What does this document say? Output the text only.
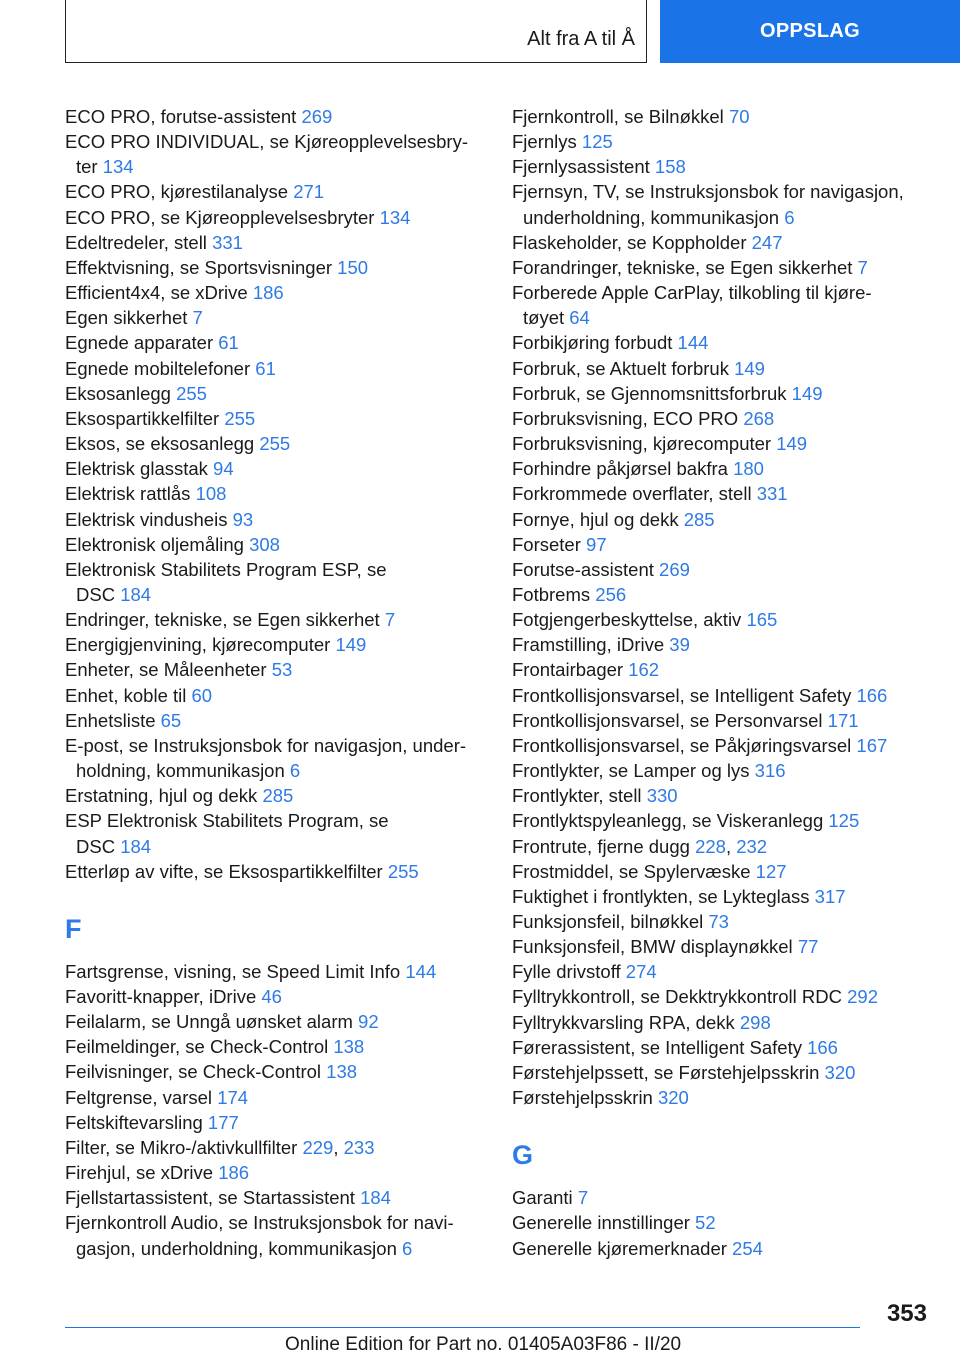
Alt fra A til Å	OPPSLAG
ECO PRO, forutse-assistent 269
ECO PRO INDIVIDUAL, se Kjøreopplevelsesbry-
ter 134
ECO PRO, kjørestilanalyse 271
ECO PRO, se Kjøreopplevelsesbryter 134
Edeltredeler, stell 331
Effektvisning, se Sportsvisninger 150
Efficient4x4, se xDrive 186
Egen sikkerhet 7
Egnede apparater 61
Egnede mobiltelefoner 61
Eksosanlegg 255
Eksospartikkelfilter 255
Eksos, se eksosanlegg 255
Elektrisk glasstak 94
Elektrisk rattlås 108
Elektrisk vindusheis 93
Elektronisk oljemåling 308
Elektronisk Stabilitets Program ESP, se
DSC 184
Endringer, tekniske, se Egen sikkerhet 7
Energigjenvining, kjørecomputer 149
Enheter, se Måleenheter 53
Enhet, koble til 60
Enhetsliste 65
E-post, se Instruksjonsbok for navigasjon, under-
holdning, kommunikasjon 6
Erstatning, hjul og dekk 285
ESP Elektronisk Stabilitets Program, se
DSC 184
Etterløp av vifte, se Eksospartikkelfilter 255
F
Fartsgrense, visning, se Speed Limit Info 144
Favoritt-knapper, iDrive 46
Feilalarm, se Unngå uønsket alarm 92
Feilmeldinger, se Check-Control 138
Feilvisninger, se Check-Control 138
Feltgrense, varsel 174
Feltskiftevarsling 177
Filter, se Mikro-/aktivkullfilter 229, 233
Firehjul, se xDrive 186
Fjellstartassistent, se Startassistent 184
Fjernkontroll Audio, se Instruksjonsbok for navi-
gasjon, underholdning, kommunikasjon 6
Fjernkontroll, se Bilnøkkel 70
Fjernlys 125
Fjernlysassistent 158
Fjernsyn, TV, se Instruksjonsbok for navigasjon,
underholdning, kommunikasjon 6
Flaskeholder, se Koppholder 247
Forandringer, tekniske, se Egen sikkerhet 7
Forberede Apple CarPlay, tilkobling til kjøre-
tøyet 64
Forbikjøring forbudt 144
Forbruk, se Aktuelt forbruk 149
Forbruk, se Gjennomsnittsforbruk 149
Forbruksvisning, ECO PRO 268
Forbruksvisning, kjørecomputer 149
Forhindre påkjørsel bakfra 180
Forkrommede overflater, stell 331
Fornye, hjul og dekk 285
Forseter 97
Forutse-assistent 269
Fotbrems 256
Fotgjengerbeskyttelse, aktiv 165
Framstilling, iDrive 39
Frontairbager 162
Frontkollisjonsvarsel, se Intelligent Safety 166
Frontkollisjonsvarsel, se Personvarsel 171
Frontkollisjonsvarsel, se Påkjøringsvarsel 167
Frontlykter, se Lamper og lys 316
Frontlykter, stell 330
Frontlyktspyleanlegg, se Viskeranlegg 125
Frontrute, fjerne dugg 228, 232
Frostmiddel, se Spylervæske 127
Fuktighet i frontlykten, se Lykteglass 317
Funksjonsfeil, bilnøkkel 73
Funksjonsfeil, BMW displaynøkkel 77
Fylle drivstoff 274
Fylltrykkontroll, se Dekktrykkontroll RDC 292
Fylltrykkvarsling RPA, dekk 298
Førerassistent, se Intelligent Safety 166
Førstehjelpssett, se Førstehjelpsskrin 320
Førstehjelpsskrin 320
G
Garanti 7
Generelle innstillinger 52
Generelle kjøremerknader 254
353
Online Edition for Part no. 01405A03F86 - II/20
